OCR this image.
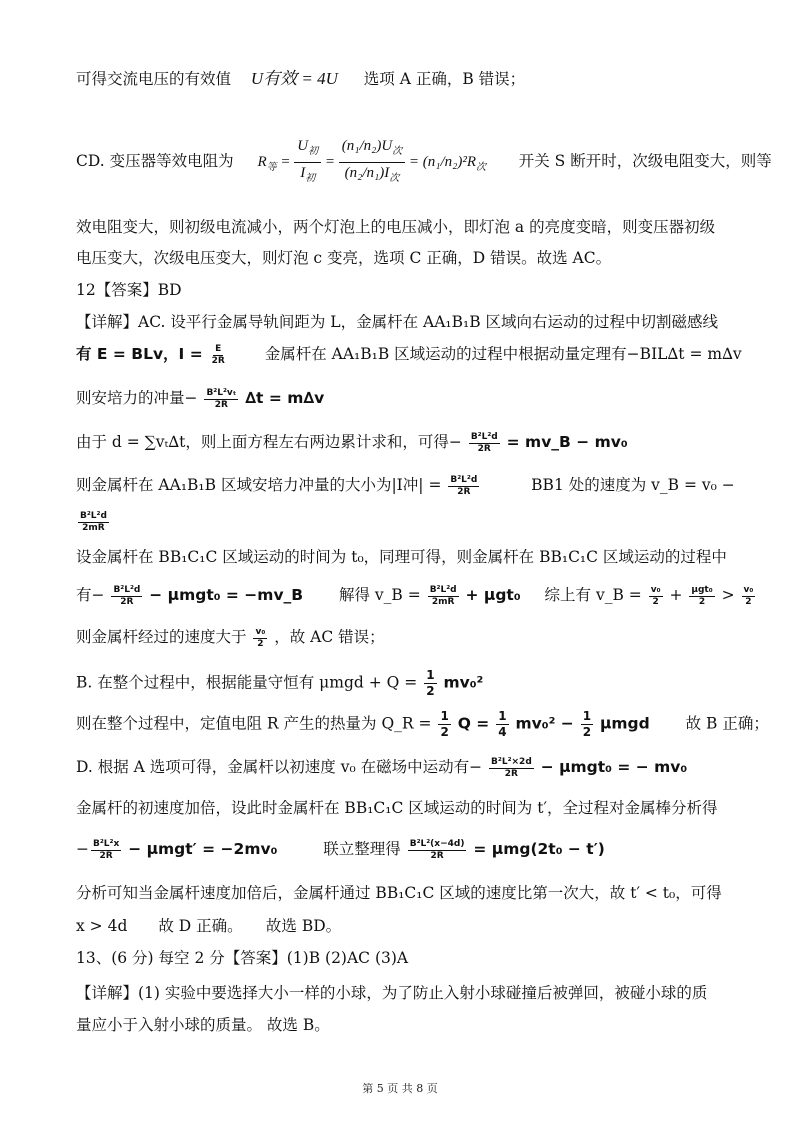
可得交流电压的有效值 U有效 = 4U 选项 A 正确，B 错误；
CD. 变压器等效电阻为  $R_等$ =
$U_初$
$I_初$
=
$(n_1/n_2)U_次$
$(n_2/n_1)I_次$
= $(n_1/n_2)^2R_次$ 开关 S 断开时，次级电阻变大，则等
效电阻变大，则初级电流减小，两个灯泡上的电压减小，即灯泡 a 的亮度变暗，则变压器初级
电压变大，次级电压变大，则灯泡 c 变亮，选项 C 正确，D 错误。故选 AC。
12【答案】BD
【详解】AC. 设平行金属导轨间距为 L，金属杆在 AA₁B₁B 区域向右运动的过程中切割磁感线
有 E = BLv，$I = \frac{E}{2R}$ 金属杆在 AA₁B₁B 区域运动的过程中根据动量定理有−BIL∆t = m∆v
则安培力的冲量− $\frac{\text{B²L²vₜ}}{2R} \Delta t = m\Delta v$
由于 d = ∑vₜ∆t，则上面方程左右两边累计求和，可得− $\frac{\text{B²L²d}}{2R}$ = mv_B − mv₀
则金属杆在 AA₁B₁B 区域安培力冲量的大小为|I冲| = $\frac{\text{B²L²d}}{2R}$	BB1 处的速度为 v_B = v₀ −
$\frac{\text{B²L²d}}{2mR}$
设金属杆在 BB₁C₁C 区域运动的时间为 t₀，同理可得，则金属杆在 BB₁C₁C 区域运动的过程中
有− $\frac{\text{B²L²d}}{2R} - \mu mgt_0$ = −mv_B 解得 v_B = $\frac{\text{B²L²d}}{2mR} + \mu gt_0$ 综上有 v_B = $\frac{\text{v₀}}{2} + \frac{\text{μgt₀}}{2} > \frac{\text{v₀}}{2}$
则金属杆经过的速度大于 $\frac{\text{v₀}}{2}$ ，故 AC 错误；
B. 在整个过程中，根据能量守恒有 $\mu mgd + Q = \frac{1}{2} mv_0^2$
则在整个过程中，定值电阻 R 产生的热量为 Q_R = $\frac{1}{2}$ $Q = \frac{1}{4} mv_0^2 - \frac{1}{2}$ μmgd 故 B 正确；
D. 根据 A 选项可得，金属杆以初速度 v₀ 在磁场中运动有− $\frac{\text{B²L²×2d}}{2R} - \mu mgt_0$ = − mv₀
金属杆的初速度加倍，设此时金属杆在 BB₁C₁C 区域运动的时间为 t′，全过程对金属棒分析得
− $\frac{\text{B²L²x}}{2R} - \mu mgt' = -2mv_0$	联立整理得 $\frac{\text{B²L²(x−4d)}}{2R} = \mu mg(2t_0 - t')$
分析可知当金属杆速度加倍后，金属杆通过 BB₁C₁C 区域的速度比第一次大，故 t′ < t₀，可得
x > 4d　　故 D 正确。　　故选 BD。
13、(6 分) 每空 2 分【答案】(1)B (2)AC (3)A
【详解】(1) 实验中要选择大小一样的小球，为了防止入射小球碰撞后被弹回，被碰小球的质
量应小于入射小球的质量。 故选 B。
第 5 页 共 8 页
